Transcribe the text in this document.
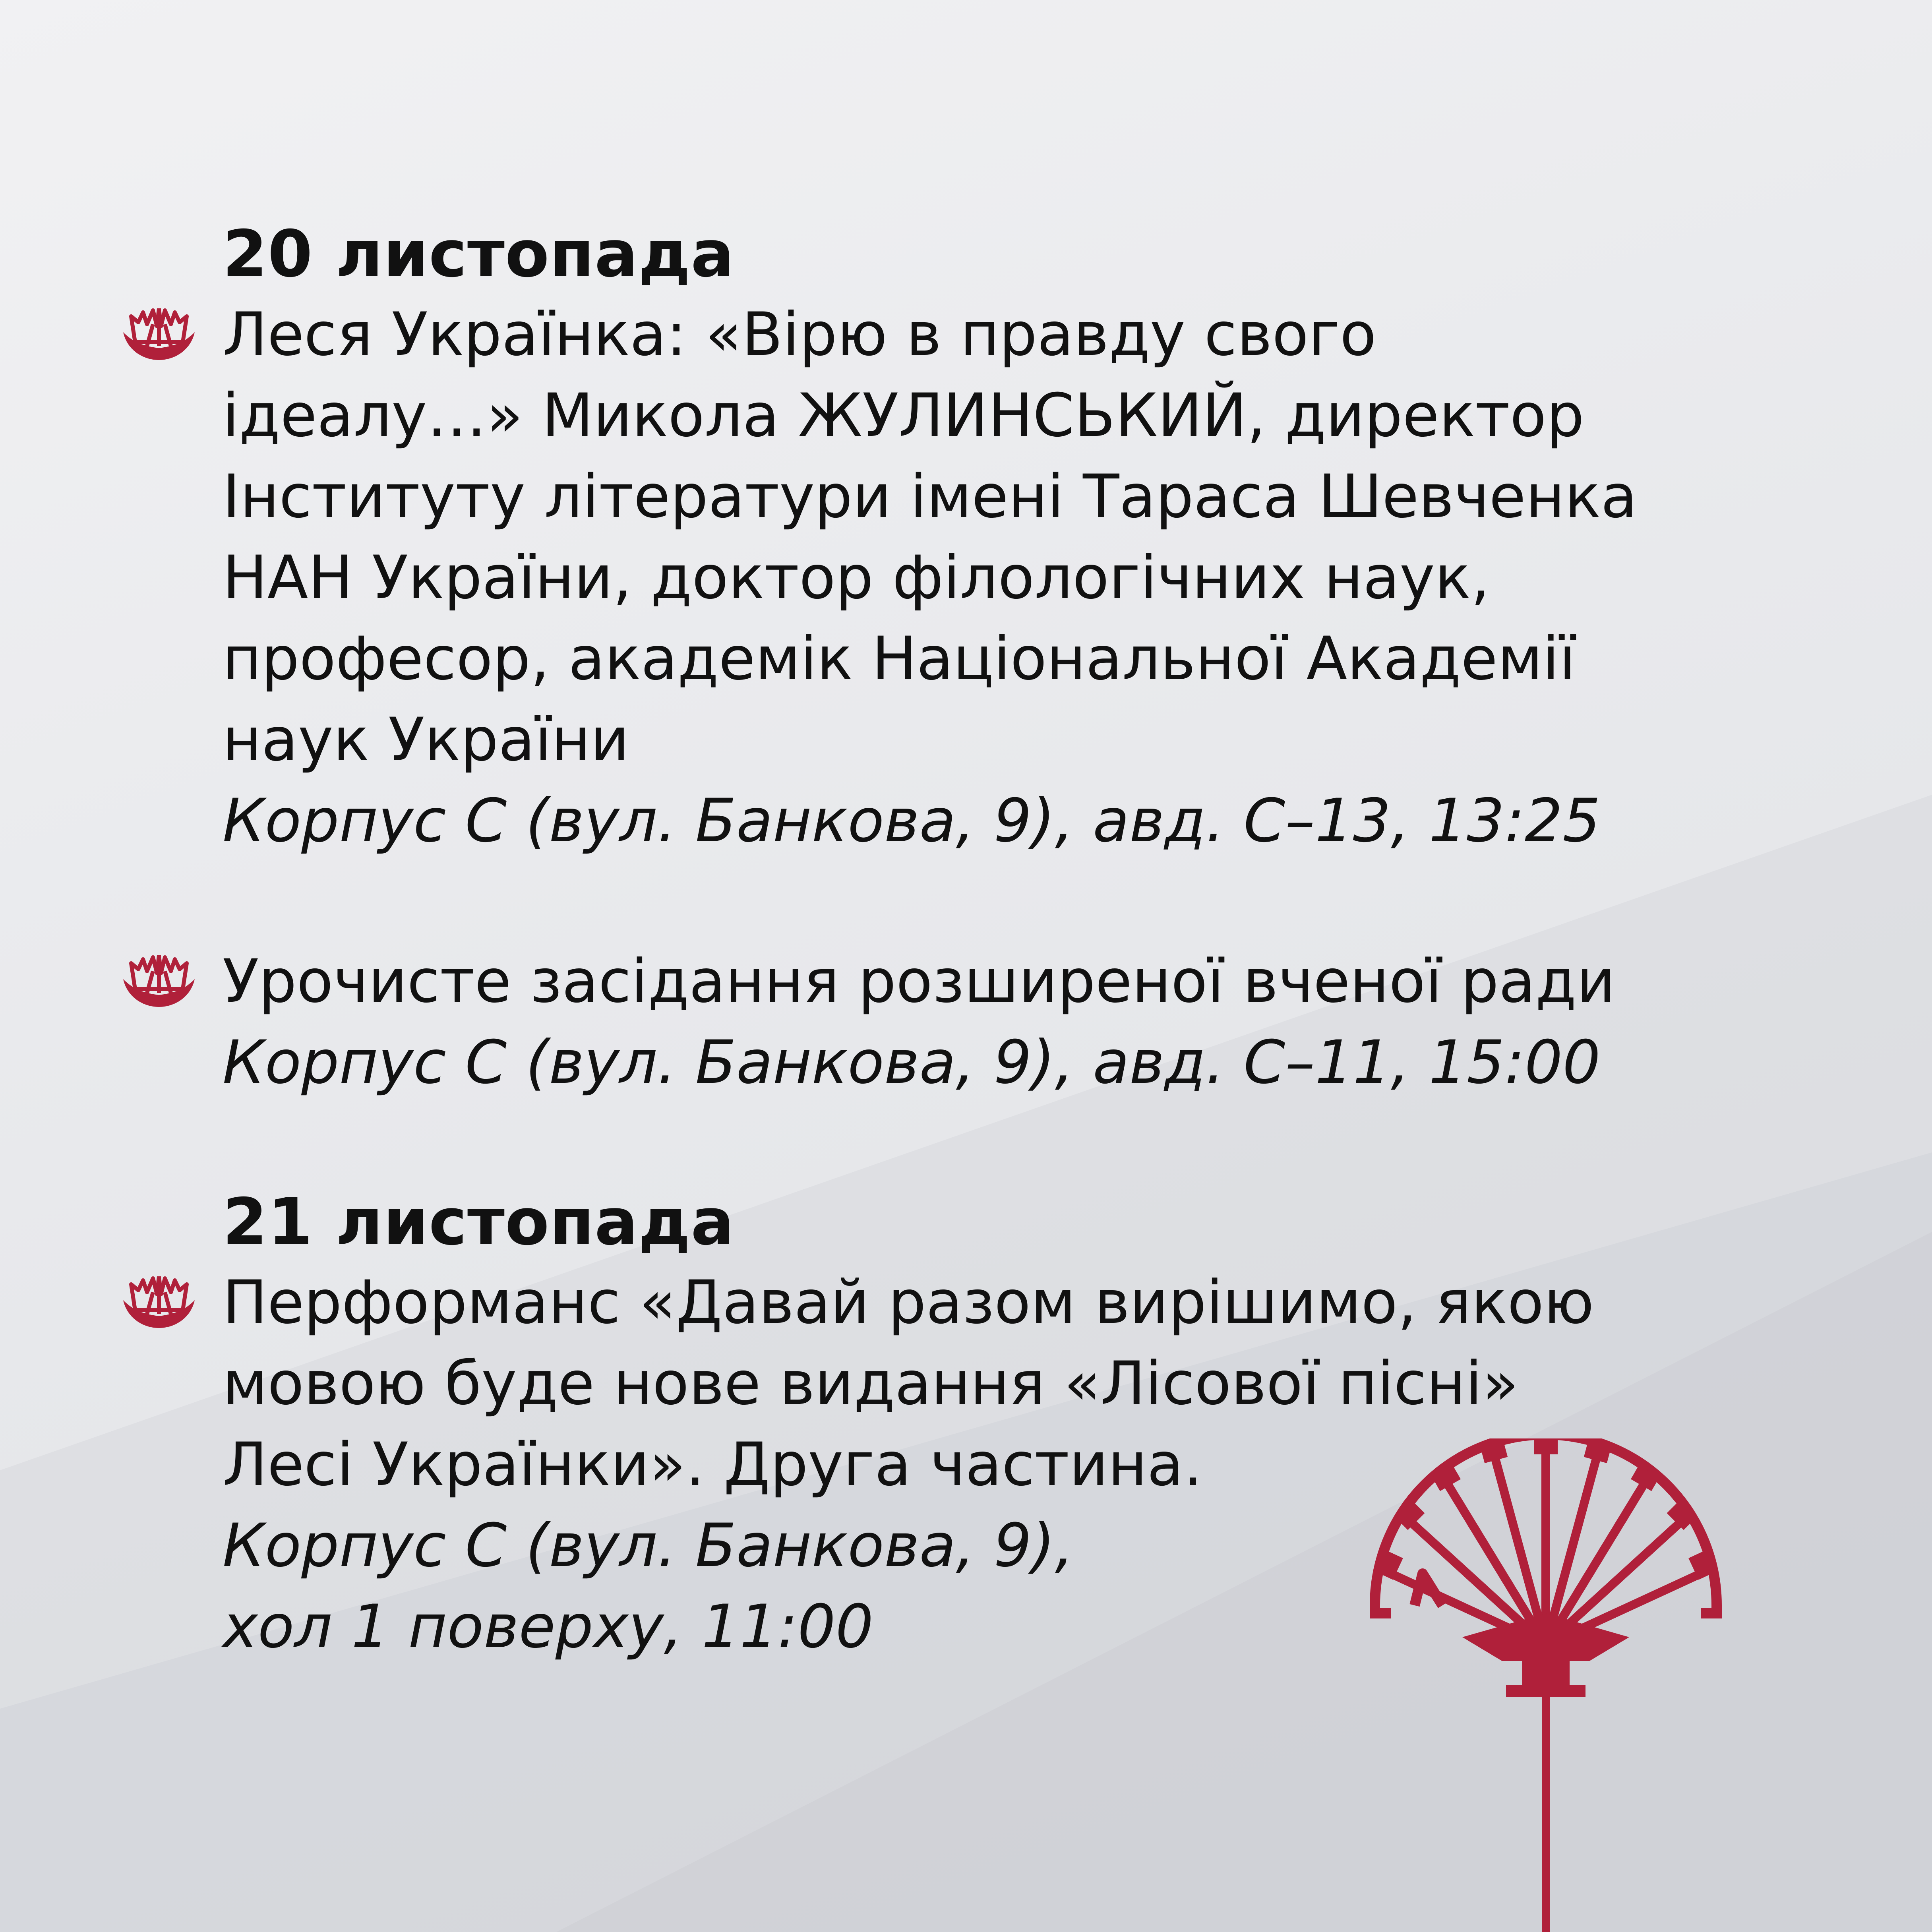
20 листопада

Леся Українка: «Вірю в правду свого

ідеалу…» Микола ЖУЛИНСЬКИЙ, директор

Інституту літератури імені Тараса Шевченка

НАН України, доктор філологічних наук,

професор, академік Національної Академії

наук України

Корпус С (вул. Банкова, 9), авд. С–13, 13:25

Урочисте засідання розширеної вченої ради

Корпус С (вул. Банкова, 9), авд. С–11, 15:00

21 листопада

Перформанс «Давай разом вирішимо, якою

мовою буде нове видання «Лісової пісні»

Лесі Українки». Друга частина.

Корпус С (вул. Банкова, 9),

хол 1 поверху, 11:00
